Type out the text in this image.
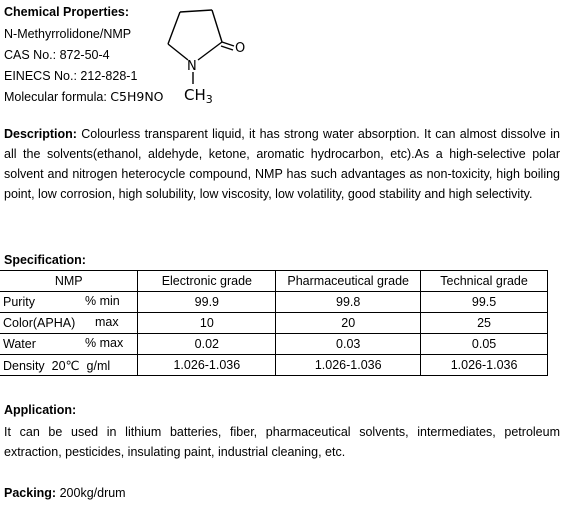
Chemical Properties:
N-Methyrrolidone/NMP
CAS No.: 872-50-4
EINECS No.: 212-828-1
Molecular formula: C5H9NO
O
N
$CH_3$
Description: Colourless transparent liquid, it has strong water absorption. It can almost dissolve in all the solvents(ethanol, aldehyde, ketone, aromatic hydrocarbon, etc).As a high-selective polar solvent and nitrogen heterocycle compound, NMP has such advantages as non-toxicity, high boiling point, low corrosion, high solubility, low viscosity, low volatility, good stability and high selectivity.
Specification:
NMP	Electronic grade	Pharmaceutical grade	Technical grade
Purity % min	99.9	99.8	99.5
Color(APHA) max	10	20	25
Water % max	0.02	0.03	0.05
Density  20℃  g/ml	1.026-1.036	1.026-1.036	1.026-1.036
Application:
It can be used in lithium batteries, fiber, pharmaceutical solvents, intermediates, petroleum extraction, pesticides, insulating paint, industrial cleaning, etc.
Packing: 200kg/drum
